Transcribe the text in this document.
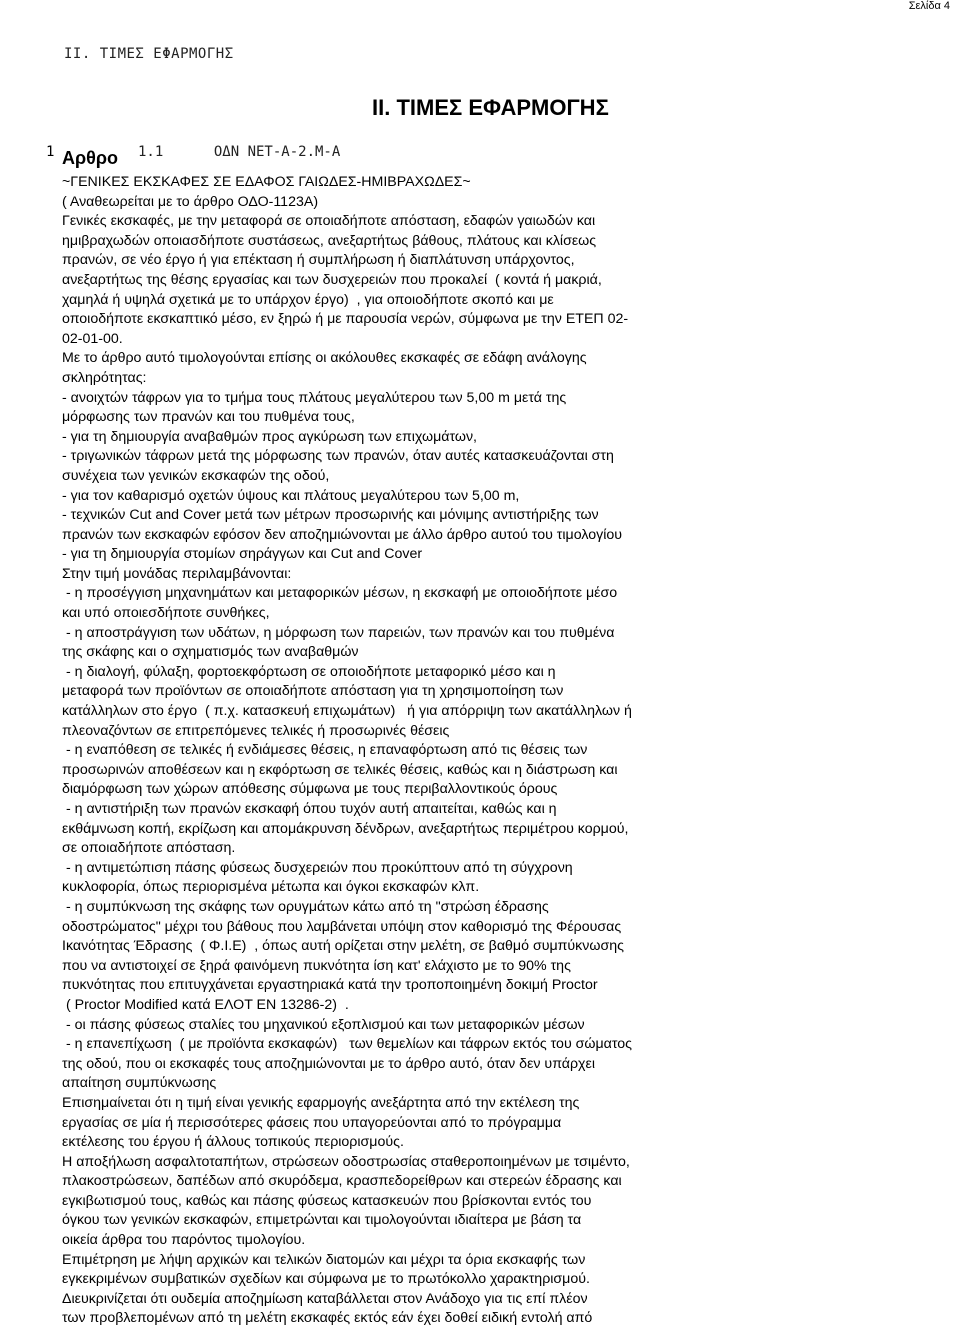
Σελίδα 4
II. ΤΙΜΕΣ ΕΦΑΡΜΟΓΗΣ
II. ΤΙΜΕΣ ΕΦΑΡΜΟΓΗΣ
1 Αρθρο 1.1      ΟΔΝ ΝΕΤ-Α-2.Μ-Α
~ΓΕΝΙΚΕΣ ΕΚΣΚΑΦΕΣ ΣΕ ΕΔΑΦΟΣ ΓΑΙΩΔΕΣ-ΗΜΙΒΡΑΧΩΔΕΣ~
( Αναθεωρείται με το άρθρο ΟΔΟ-1123Α)
Γενικές εκσκαφές, με την μεταφορά σε οποιαδήποτε απόσταση, εδαφών γαιωδών και
ημιβραχωδών οποιασδήποτε συστάσεως, ανεξαρτήτως βάθους, πλάτους και κλίσεως
πρανών, σε νέο έργο ή για επέκταση ή συμπλήρωση ή διαπλάτυνση υπάρχοντος,
ανεξαρτήτως της θέσης εργασίας και των δυσχερειών που προκαλεί  ( κοντά ή μακριά,
χαμηλά ή υψηλά σχετικά με το υπάρχον έργο)  , για οποιοδήποτε σκοπό και με
οποιοδήποτε εκσκαπτικό μέσο, εν ξηρώ ή με παρουσία νερών, σύμφωνα με την ΕΤΕΠ 02-
02-01-00.
Με το άρθρο αυτό τιμολογούνται επίσης οι ακόλουθες εκσκαφές σε εδάφη ανάλογης
σκληρότητας:
- ανοιχτών τάφρων για το τμήμα τους πλάτους μεγαλύτερου των 5,00 m μετά της
μόρφωσης των πρανών και του πυθμένα τους,
- για τη δημιουργία αναβαθμών προς αγκύρωση των επιχωμάτων,
- τριγωνικών τάφρων μετά της μόρφωσης των πρανών, όταν αυτές κατασκευάζονται στη
συνέχεια των γενικών εκσκαφών της οδού,
- για τον καθαρισμό οχετών ύψους και πλάτους μεγαλύτερου των 5,00 m,
- τεχνικών Cut and Cover μετά των μέτρων προσωρινής και μόνιμης αντιστήριξης των
πρανών των εκσκαφών εφόσον δεν αποζημιώνονται με άλλο άρθρο αυτού του τιμολογίου
- για τη δημιουργία στομίων σηράγγων και Cut and Cover
Στην τιμή μονάδας περιλαμβάνονται:
- η προσέγγιση μηχανημάτων και μεταφορικών μέσων, η εκσκαφή με οποιοδήποτε μέσο
και υπό οποιεσδήποτε συνθήκες,
- η αποστράγγιση των υδάτων, η μόρφωση των παρειών, των πρανών και του πυθμένα
της σκάφης και ο σχηματισμός των αναβαθμών
- η διαλογή, φύλαξη, φορτοεκφόρτωση σε οποιοδήποτε μεταφορικό μέσο και η
μεταφορά των προϊόντων σε οποιαδήποτε απόσταση για τη χρησιμοποίηση των
κατάλληλων στο έργο  ( π.χ. κατασκευή επιχωμάτων)   ή για απόρριψη των ακατάλληλων ή
πλεοναζόντων σε επιτρεπόμενες τελικές ή προσωρινές θέσεις
- η εναπόθεση σε τελικές ή ενδιάμεσες θέσεις, η επαναφόρτωση από τις θέσεις των
προσωρινών αποθέσεων και η εκφόρτωση σε τελικές θέσεις, καθώς και η διάστρωση και
διαμόρφωση των χώρων απόθεσης σύμφωνα με τους περιβαλλοντικούς όρους
- η αντιστήριξη των πρανών εκσκαφή όπου τυχόν αυτή απαιτείται, καθώς και η
εκθάμνωση κοπή, εκρίζωση και απομάκρυνση δένδρων, ανεξαρτήτως περιμέτρου κορμού,
σε οποιαδήποτε απόσταση.
- η αντιμετώπιση πάσης φύσεως δυσχερειών που προκύπτουν από τη σύγχρονη
κυκλοφορία, όπως περιορισμένα μέτωπα και όγκοι εκσκαφών κλπ.
- η συμπύκνωση της σκάφης των ορυγμάτων κάτω από τη "στρώση έδρασης
οδοστρώματος" μέχρι του βάθους που λαμβάνεται υπόψη στον καθορισμό της Φέρουσας
Ικανότητας Έδρασης  ( Φ.Ι.Ε)  , όπως αυτή ορίζεται στην μελέτη, σε βαθμό συμπύκνωσης
που να αντιστοιχεί σε ξηρά φαινόμενη πυκνότητα ίση κατ' ελάχιστο με το 90% της
πυκνότητας που επιτυγχάνεται εργαστηριακά κατά την τροποποιημένη δοκιμή Proctor
( Proctor Modified κατά ΕΛΟΤ ΕΝ 13286-2)  .
- οι πάσης φύσεως σταλίες του μηχανικού εξοπλισμού και των μεταφορικών μέσων
- η επανεπίχωση  ( με προϊόντα εκσκαφών)   των θεμελίων και τάφρων εκτός του σώματος
της οδού, που οι εκσκαφές τους αποζημιώνονται με το άρθρο αυτό, όταν δεν υπάρχει
απαίτηση συμπύκνωσης
Επισημαίνεται ότι η τιμή είναι γενικής εφαρμογής ανεξάρτητα από την εκτέλεση της
εργασίας σε μία ή περισσότερες φάσεις που υπαγορεύονται από το πρόγραμμα
εκτέλεσης του έργου ή άλλους τοπικούς περιορισμούς.
Η αποξήλωση ασφαλτοταπήτων, στρώσεων οδοστρωσίας σταθεροποιημένων με τσιμέντο,
πλακοστρώσεων, δαπέδων από σκυρόδεμα, κρασπεδορείθρων και στερεών έδρασης και
εγκιβωτισμού τους, καθώς και πάσης φύσεως κατασκευών που βρίσκονται εντός του
όγκου των γενικών εκσκαφών, επιμετρώνται και τιμολογούνται ιδιαίτερα με βάση τα
οικεία άρθρα του παρόντος τιμολογίου.
Επιμέτρηση με λήψη αρχικών και τελικών διατομών και μέχρι τα όρια εκσκαφής των
εγκεκριμένων συμβατικών σχεδίων και σύμφωνα με το πρωτόκολλο χαρακτηρισμού.
Διευκρινίζεται ότι ουδεμία αποζημίωση καταβάλλεται στον Ανάδοχο για τις επί πλέον
των προβλεπομένων από τη μελέτη εκσκαφές εκτός εάν έχει δοθεί ειδική εντολή από
